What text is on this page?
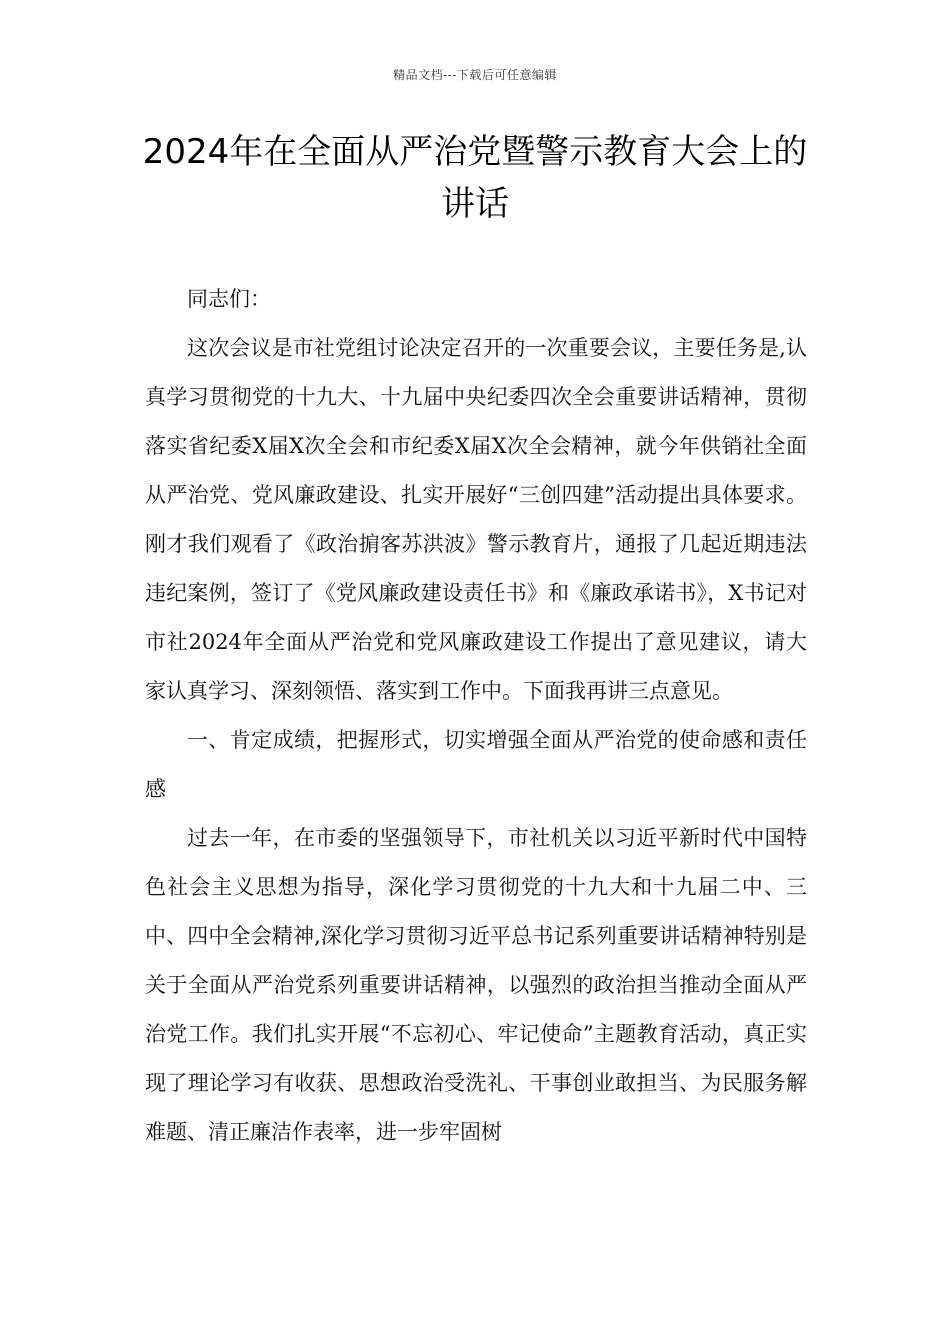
精品文档---下载后可任意编辑
2024年在全面从严治党暨警示教育大会上的讲话

同志们：

这次会议是市社党组讨论决定召开的一次重要会议，主要任务是,认真学习贯彻党的十九大、十九届中央纪委四次全会重要讲话精神，贯彻落实省纪委X届X次全会和市纪委X届X次全会精神，就今年供销社全面从严治党、党风廉政建设、扎实开展好“三创四建”活动提出具体要求。刚才我们观看了《政治掮客苏洪波》警示教育片，通报了几起近期违法违纪案例，签订了《党风廉政建设责任书》和《廉政承诺书》，X书记对市社2024年全面从严治党和党风廉政建设工作提出了意见建议，请大家认真学习、深刻领悟、落实到工作中。下面我再讲三点意见。

一、肯定成绩，把握形式，切实增强全面从严治党的使命感和责任感

过去一年，在市委的坚强领导下，市社机关以习近平新时代中国特色社会主义思想为指导，深化学习贯彻党的十九大和十九届二中、三中、四中全会精神,深化学习贯彻习近平总书记系列重要讲话精神特别是关于全面从严治党系列重要讲话精神，以强烈的政治担当推动全面从严治党工作。我们扎实开展“不忘初心、牢记使命”主题教育活动，真正实现了理论学习有收获、思想政治受洗礼、干事创业敢担当、为民服务解难题、清正廉洁作表率，进一步牢固树
